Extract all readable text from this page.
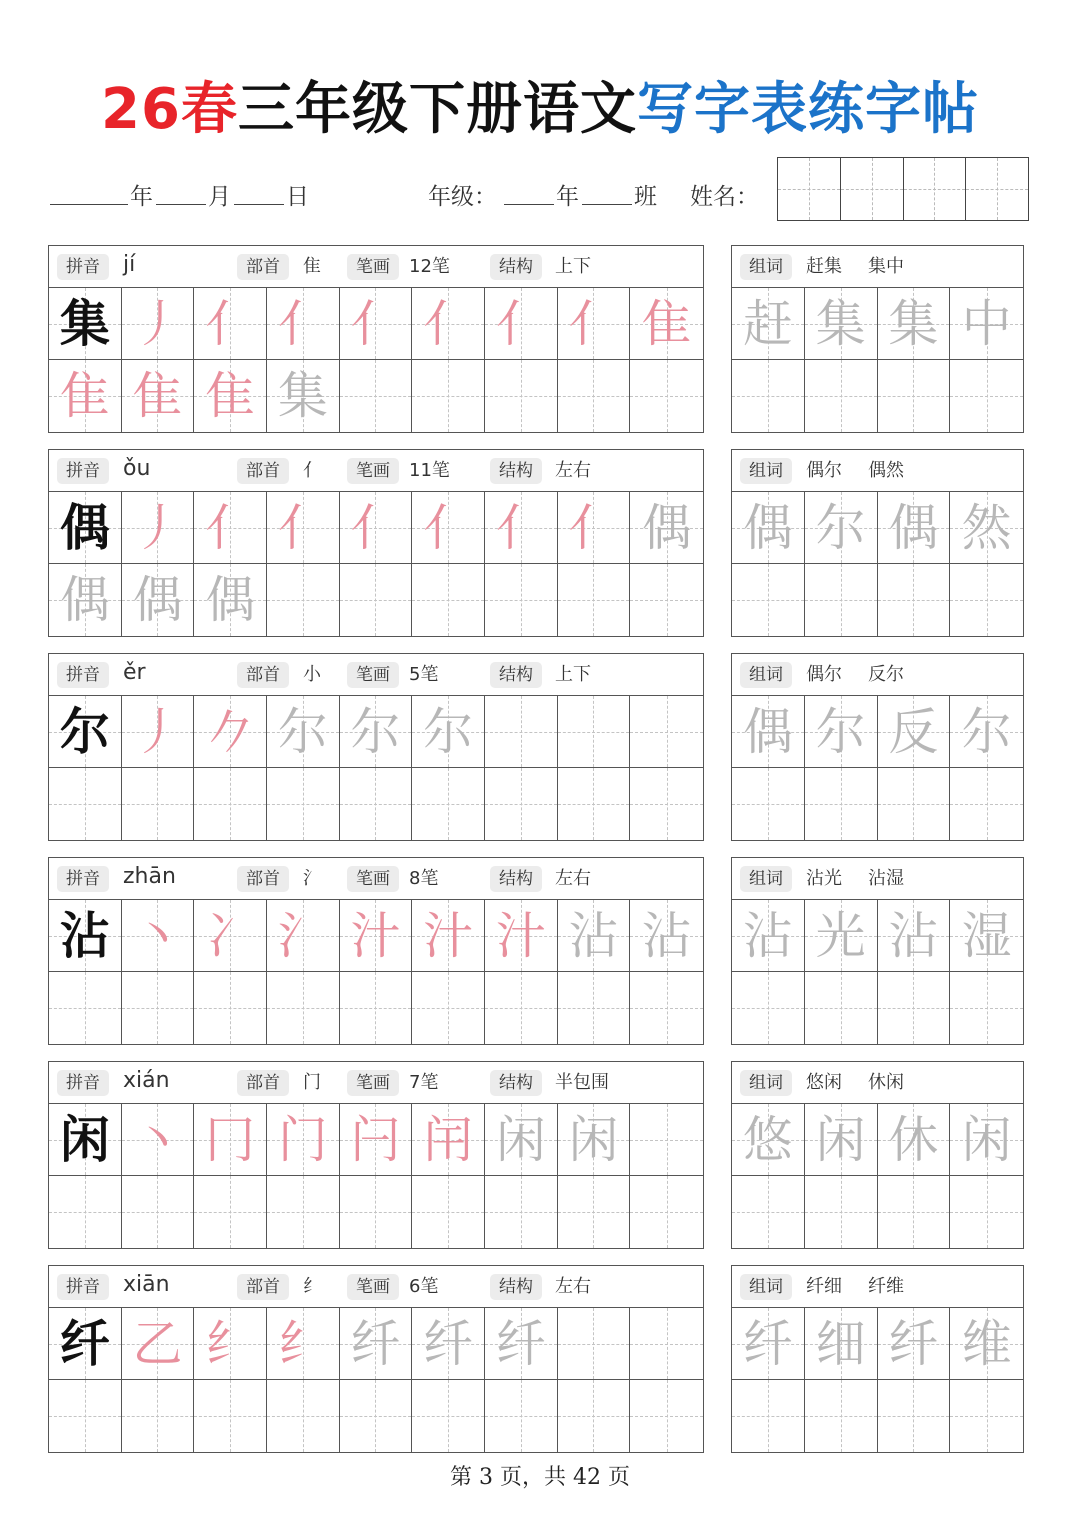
26春三年级下册语文写字表练字帖
年 月 日	年级：	年 班 姓名：
拼音	jí	部首	隹	笔画	12笔	结构	上下
集 丿 亻 亻 亻 亻 亻 亻 隹
隹 隹 隹 集
组词	赶集 集中
赶 集 集 中
拼音	ǒu	部首	亻	笔画	11笔	结构	左右
偶 丿 亻 亻 亻 亻 亻 亻 偶
偶 偶 偶
组词	偶尔 偶然
偶 尔 偶 然
拼音	ěr	部首	小	笔画	5笔	结构	上下
尔 丿 𠂊 尔 尔 尔
组词	偶尔 反尔
偶 尔 反 尔
拼音	zhān	部首	氵	笔画	8笔	结构	左右
沾 丶 冫 氵 汁 汁 汁 沾 沾
组词	沾光 沾湿
沾 光 沾 湿
拼音	xián	部首	门	笔画	7笔	结构	半包围
闲 丶 冂 门 闩 闬 闲 闲
组词	悠闲 休闲
悠 闲 休 闲
拼音	xiān	部首	纟	笔画	6笔	结构	左右
纤 乙 纟 纟 纤 纤 纤
组词	纤细 纤维
纤 细 纤 维
第 3 页，共 42 页
